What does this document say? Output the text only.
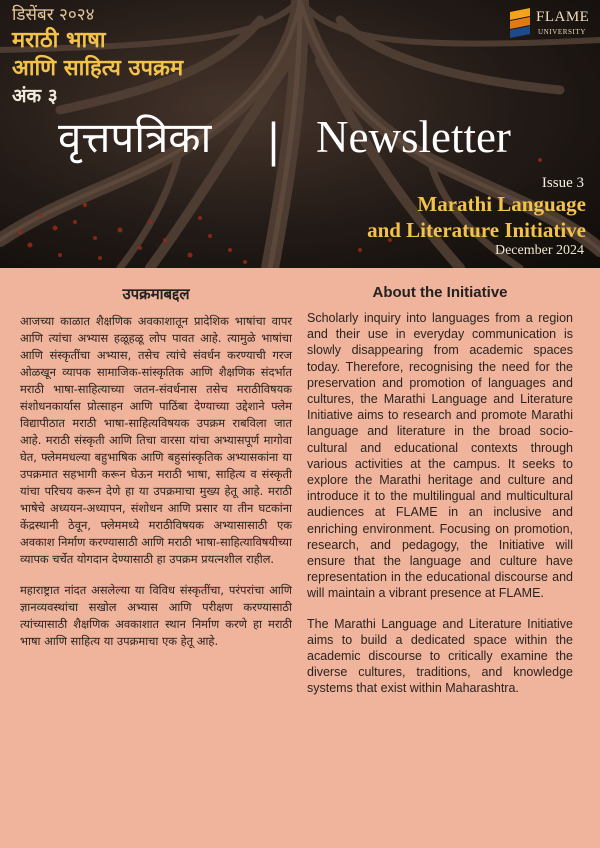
डिसेंबर २०२४
मराठी भाषा
आणि साहित्य उपक्रम
अंक ३
FLAME
UNIVERSITY
वृत्तपत्रिका | Newsletter
Issue 3
Marathi Language
and Literature Initiative
December 2024
उपक्रमाबद्दल

आजच्या काळात शैक्षणिक अवकाशातून प्रादेशिक भाषांचा वापर आणि त्यांचा अभ्यास हळूहळू लोप पावत आहे. त्यामुळे भाषांचा आणि संस्कृतींचा अभ्यास, तसेच त्यांचे संवर्धन करण्याची गरज ओळखून व्यापक सामाजिक-सांस्कृतिक आणि शैक्षणिक संदर्भात मराठी भाषा-साहित्याच्या जतन-संवर्धनास तसेच मराठीविषयक संशोधनकार्यास प्रोत्साहन आणि पाठिंबा देण्याच्या उद्देशाने फ्लेम विद्यापीठात मराठी भाषा-साहित्यविषयक उपक्रम राबविला जात आहे. मराठी संस्कृती आणि तिचा वारसा यांचा अभ्यासपूर्ण मागोवा घेत, फ्लेममधल्या बहुभाषिक आणि बहुसांस्कृतिक अभ्यासकांना या उपक्रमात सहभागी करून घेऊन मराठी भाषा, साहित्य व संस्कृती यांचा परिचय करून देणे हा या उपक्रमाचा मुख्य हेतू आहे. मराठी भाषेचे अध्ययन-अध्यापन, संशोधन आणि प्रसार या तीन घटकांना केंद्रस्थानी ठेवून, फ्लेममध्ये मराठीविषयक अभ्यासासाठी एक अवकाश निर्माण करण्यासाठी आणि मराठी भाषा-साहित्याविषयीच्या व्यापक चर्चेत योगदान देण्यासाठी हा उपक्रम प्रयत्नशील राहील.

महाराष्ट्रात नांदत असलेल्या या विविध संस्कृतींचा, परंपरांचा आणि ज्ञानव्यवस्थांचा सखोल अभ्यास आणि परीक्षण करण्यासाठी त्यांच्यासाठी शैक्षणिक अवकाशात स्थान निर्माण करणे हा मराठी भाषा आणि साहित्य या उपक्रमाचा एक हेतू आहे.

About the Initiative

Scholarly inquiry into languages from a region and their use in everyday communication is slowly disappearing from academic spaces today. Therefore, recognising the need for the preservation and promotion of languages and cultures, the Marathi Language and Literature Initiative aims to research and promote Marathi language and literature in the broad socio-cultural and educational contexts through various activities at the campus. It seeks to explore the Marathi heritage and culture and introduce it to the multilingual and multicultural audiences at FLAME in an inclusive and enriching environment. Focusing on promotion, research, and pedagogy, the Initiative will ensure that the language and culture have representation in the educational discourse and will maintain a vibrant presence at FLAME.

The Marathi Language and Literature Initiative aims to build a dedicated space within the academic discourse to critically examine the diverse cultures, traditions, and knowledge systems that exist within Maharashtra.
